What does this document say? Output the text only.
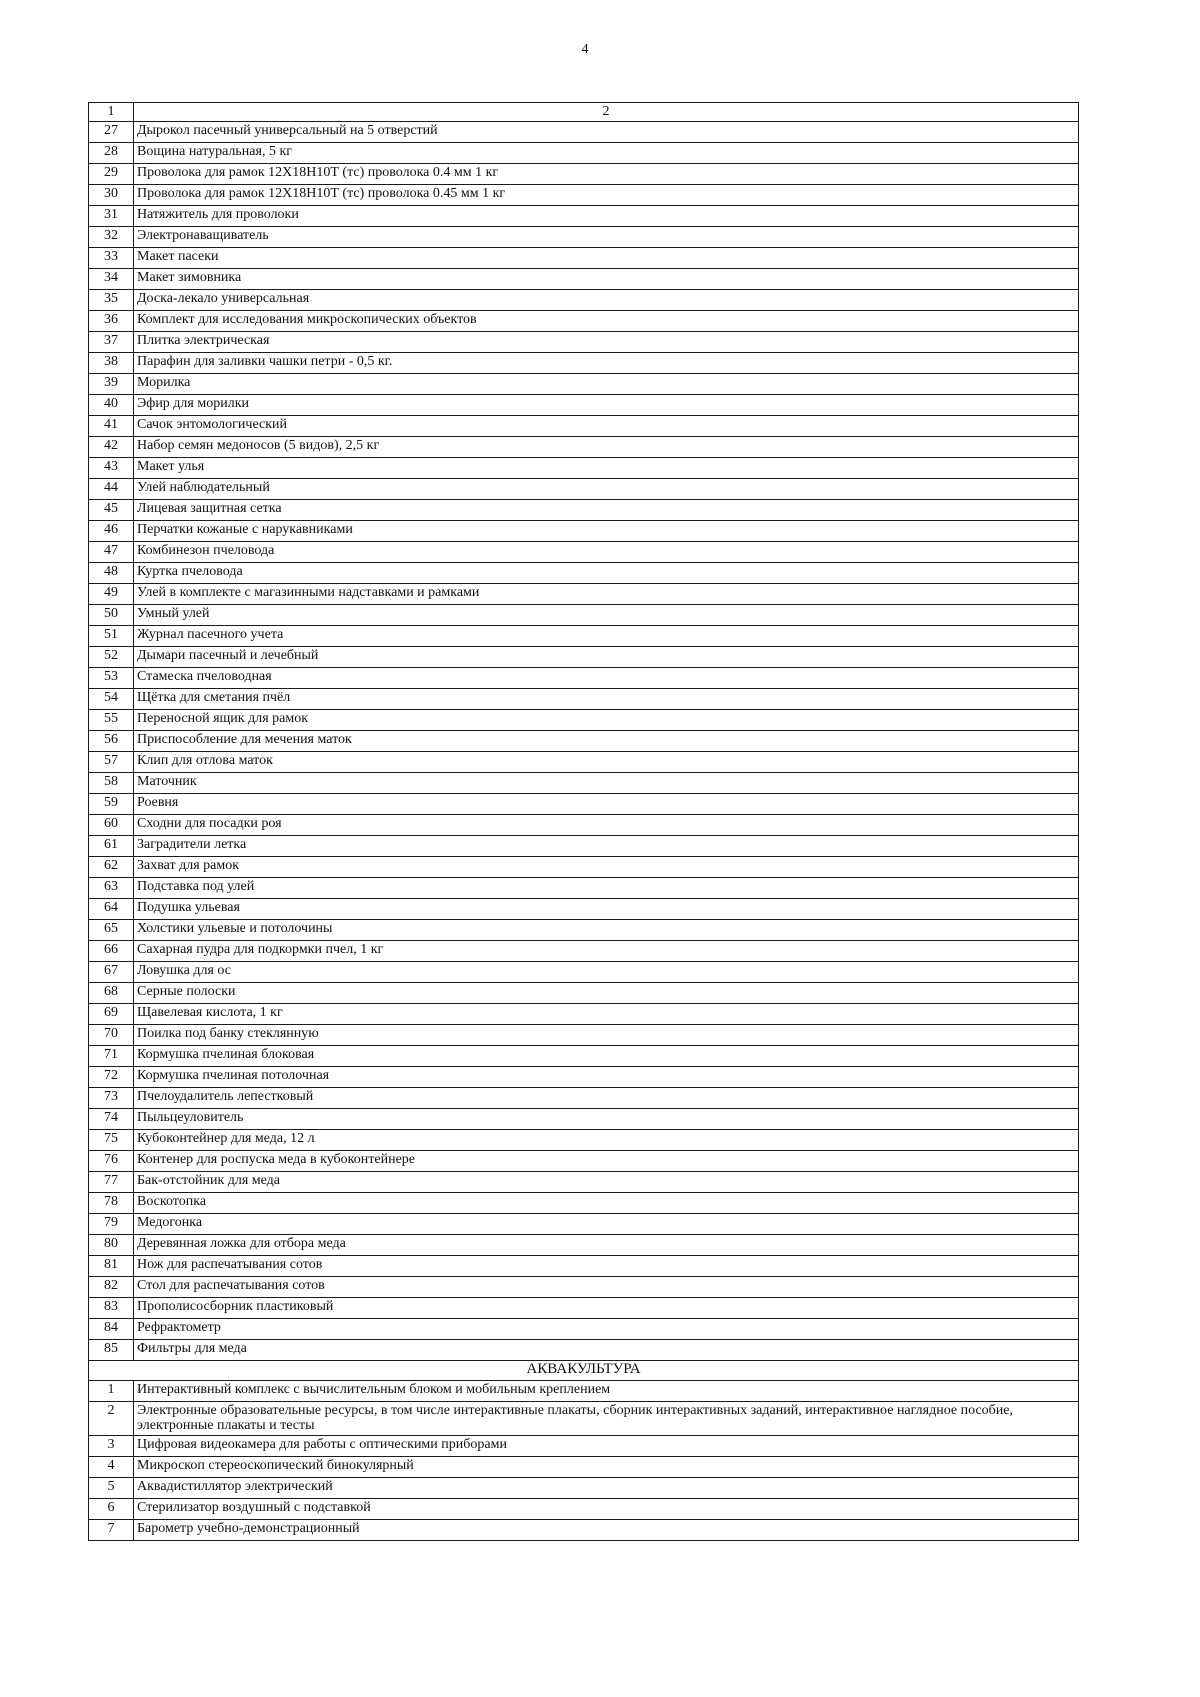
4
1	2
27	Дырокол пасечный универсальный на 5 отверстий
28	Вощина натуральная, 5 кг
29	Проволока для рамок 12Х18Н10Т (тс) проволока 0.4 мм 1 кг
30	Проволока для рамок 12Х18Н10Т (тс) проволока 0.45 мм 1 кг
31	Натяжитель для проволоки
32	Электронаващиватель
33	Макет пасеки
34	Макет зимовника
35	Доска-лекало универсальная
36	Комплект для исследования микроскопических объектов
37	Плитка электрическая
38	Парафин для заливки чашки петри - 0,5 кг.
39	Морилка
40	Эфир для морилки
41	Сачок энтомологический
42	Набор семян медоносов (5 видов), 2,5 кг
43	Макет улья
44	Улей наблюдательный
45	Лицевая защитная сетка
46	Перчатки кожаные с нарукавниками
47	Комбинезон пчеловода
48	Куртка пчеловода
49	Улей в комплекте с магазинными надставками и рамками
50	Умный улей
51	Журнал пасечного учета
52	Дымари пасечный и лечебный
53	Стамеска пчеловодная
54	Щётка для сметания пчёл
55	Переносной ящик для рамок
56	Приспособление для мечения маток
57	Клип для отлова маток
58	Маточник
59	Роевня
60	Сходни для посадки роя
61	Заградители летка
62	Захват для рамок
63	Подставка под улей
64	Подушка ульевая
65	Холстики ульевые и потолочины
66	Сахарная пудра для подкормки пчел, 1 кг
67	Ловушка для ос
68	Серные полоски
69	Щавелевая кислота, 1 кг
70	Поилка под банку стеклянную
71	Кормушка пчелиная блоковая
72	Кормушка пчелиная потолочная
73	Пчелоудалитель лепестковый
74	Пыльцеуловитель
75	Кубоконтейнер для меда, 12 л
76	Контенер для роспуска меда в кубоконтейнере
77	Бак-отстойник для меда
78	Воскотопка
79	Медогонка
80	Деревянная ложка для отбора меда
81	Нож для распечатывания сотов
82	Стол для распечатывания сотов
83	Прополисосборник пластиковый
84	Рефрактометр
85	Фильтры для меда
АКВАКУЛЬТУРА	
1	Интерактивный комплекс с вычислительным блоком и мобильным креплением
2	Электронные образовательные ресурсы, в том числе интерактивные плакаты, сборник интерактивных заданий, интерактивное наглядное пособие, электронные плакаты и тесты
3	Цифровая видеокамера для работы с оптическими приборами
4	Микроскоп стереоскопический бинокулярный
5	Аквадистиллятор электрический
6	Стерилизатор воздушный с подставкой
7	Барометр учебно-демонстрационный
